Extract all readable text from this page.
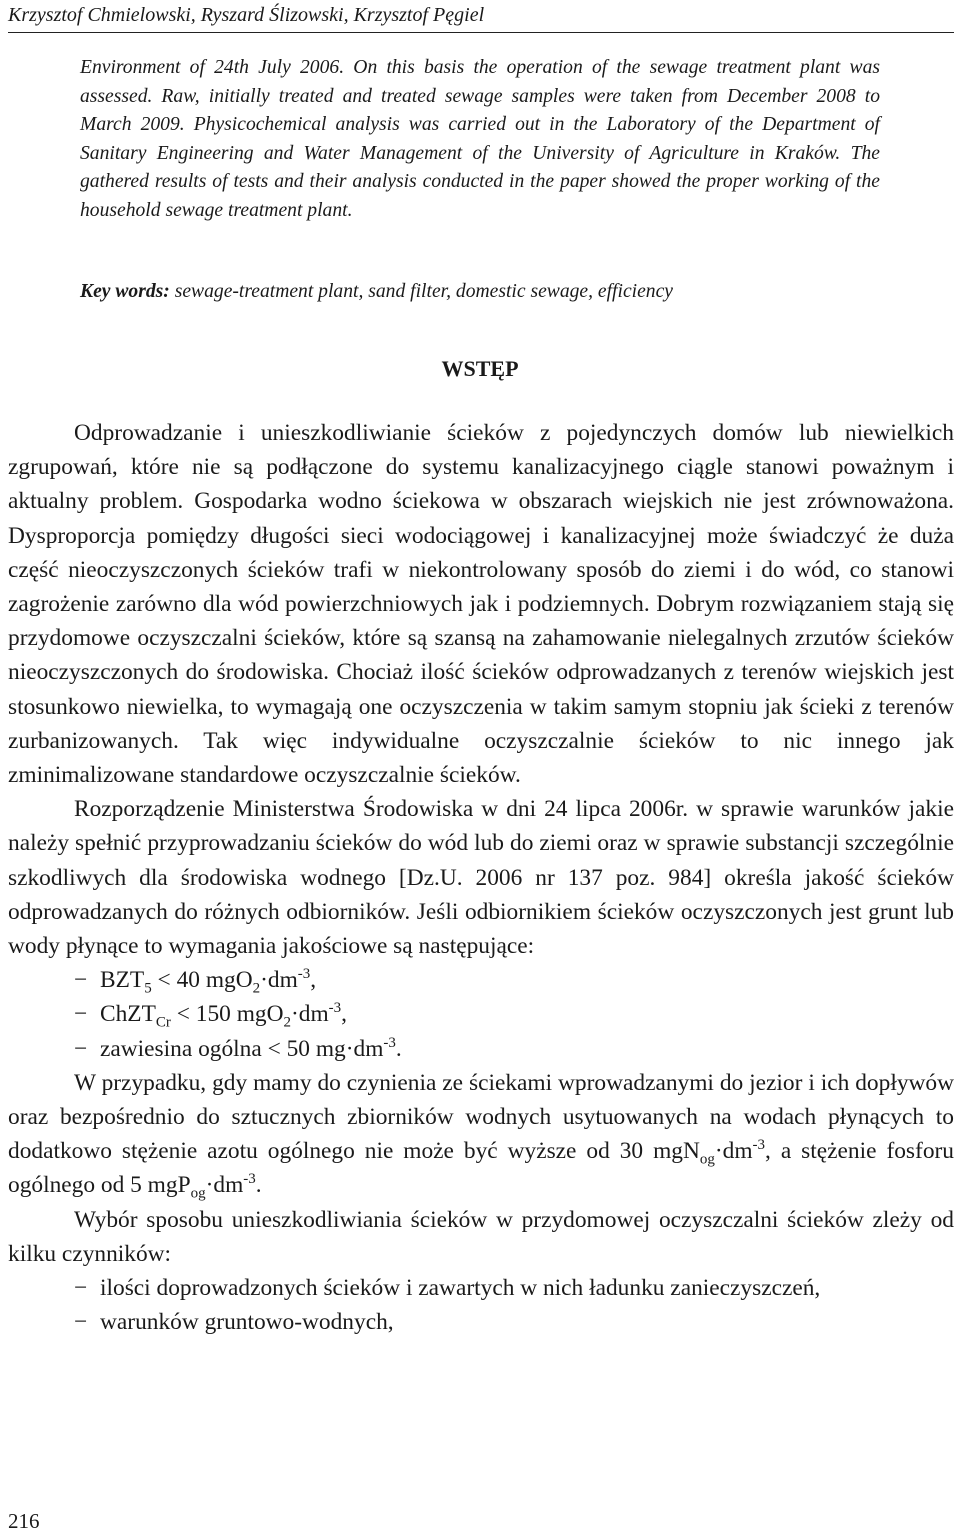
Krzysztof Chmielowski, Ryszard Ślizowski, Krzysztof Pęgiel

Environment of 24th July 2006. On this basis the operation of the sewage treatment plant was assessed. Raw, initially treated and treated sewage samples were taken from December 2008 to March 2009. Physicochemical analysis was carried out in the Laboratory of the Department of Sanitary Engineering and Water Management of the University of Agriculture in Kraków. The gathered results of tests and their analysis conducted in the paper showed the proper working of the household sewage treatment plant.

Key words: sewage-treatment plant, sand filter, domestic sewage, efficiency

WSTĘP

Odprowadzanie i unieszkodliwianie ścieków z pojedynczych domów lub niewielkich zgrupowań, które nie są podłączone do systemu kanalizacyjnego ciągle stanowi poważnym i aktualny problem. Gospodarka wodno ściekowa w obszarach wiejskich nie jest zrównoważona. Dysproporcja pomiędzy długości sieci wodociągowej i kanalizacyjnej może świadczyć że duża część nieoczyszczonych ścieków trafi w niekontrolowany sposób do ziemi i do wód, co stanowi zagrożenie zarówno dla wód powierzchniowych jak i podziemnych. Dobrym rozwiązaniem stają się przydomowe oczyszczalni ścieków, które są szansą na zahamowanie nielegalnych zrzutów ścieków nieoczyszczonych do środowiska. Chociaż ilość ścieków odprowadzanych z terenów wiejskich jest stosunkowo niewielka, to wymagają one oczyszczenia w takim samym stopniu jak ścieki z terenów zurbanizowanych. Tak więc indywidualne oczyszczalnie ścieków to nic innego jak zminimalizowane standardowe oczyszczalnie ścieków.

Rozporządzenie Ministerstwa Środowiska w dni 24 lipca 2006r. w sprawie warunków jakie należy spełnić przyprowadzaniu ścieków do wód lub do ziemi oraz w sprawie substancji szczególnie szkodliwych dla środowiska wodnego [Dz.U. 2006 nr 137 poz. 984] określa jakość ścieków odprowadzanych do różnych odbiorników. Jeśli odbiornikiem ścieków oczyszczonych jest grunt lub wody płynące to wymagania jakościowe są następujące:

− $BZT_5 < 40$ $mgO_2\cdot dm^{-3}$,

− ChZT$_{Cr}$ < 150 $mgO_2\cdot dm^{-3}$,

− zawiesina ogólna < 50 $mg\cdot dm^{-3}$.

W przypadku, gdy mamy do czynienia ze ściekami wprowadzanymi do jezior i ich dopływów oraz bezpośrednio do sztucznych zbiorników wodnych usytuowanych na wodach płynących to dodatkowo stężenie azotu ogólnego nie może być wyższe od 30 $mgN_{og}\cdot dm^{-3}$, a stężenie fosforu ogólnego od 5 $mgP_{og}\cdot dm^{-3}$.

Wybór sposobu unieszkodliwiania ścieków w przydomowej oczyszczalni ścieków zleży od kilku czynników:

− ilości doprowadzonych ścieków i zawartych w nich ładunku zanieczyszczeń,

− warunków gruntowo-wodnych,

216
